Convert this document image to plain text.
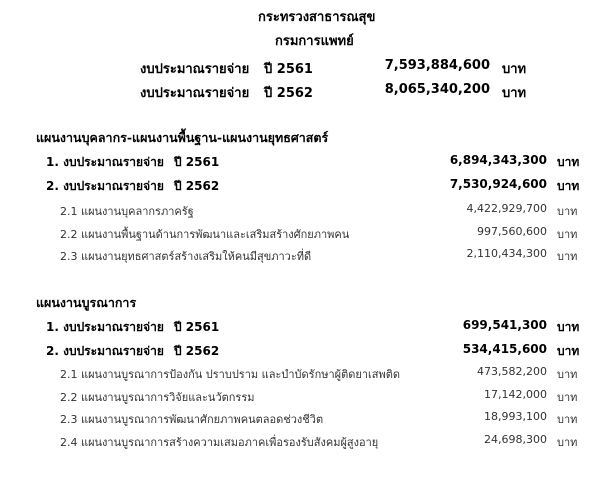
กระทรวงสาธารณสุข
กรมการแพทย์
งบประมาณรายจ่าย ปี 2561	7,593,884,600 บาท
งบประมาณรายจ่าย ปี 2562	8,065,340,200 บาท
แผนงานบุคลากร-แผนงานพื้นฐาน-แผนงานยุทธศาสตร์
1. งบประมาณรายจ่าย ปี 2561	6,894,343,300 บาท
2. งบประมาณรายจ่าย ปี 2562	7,530,924,600 บาท
2.1 แผนงานบุคลากรภาครัฐ	4,422,929,700 บาท
2.2 แผนงานพื้นฐานด้านการพัฒนาและเสริมสร้างศักยภาพคน	997,560,600 บาท
2.3 แผนงานยุทธศาสตร์สร้างเสริมให้คนมีสุขภาวะที่ดี	2,110,434,300 บาท
แผนงานบูรณาการ
1. งบประมาณรายจ่าย ปี 2561	699,541,300 บาท
2. งบประมาณรายจ่าย ปี 2562	534,415,600 บาท
2.1 แผนงานบูรณาการป้องกัน ปราบปราม และบำบัดรักษาผู้ติดยาเสพติด	473,582,200 บาท
2.2 แผนงานบูรณาการวิจัยและนวัตกรรม	17,142,000 บาท
2.3 แผนงานบูรณาการพัฒนาศักยภาพคนตลอดช่วงชีวิต	18,993,100 บาท
2.4 แผนงานบูรณาการสร้างความเสมอภาคเพื่อรองรับสังคมผู้สูงอายุ	24,698,300 บาท
